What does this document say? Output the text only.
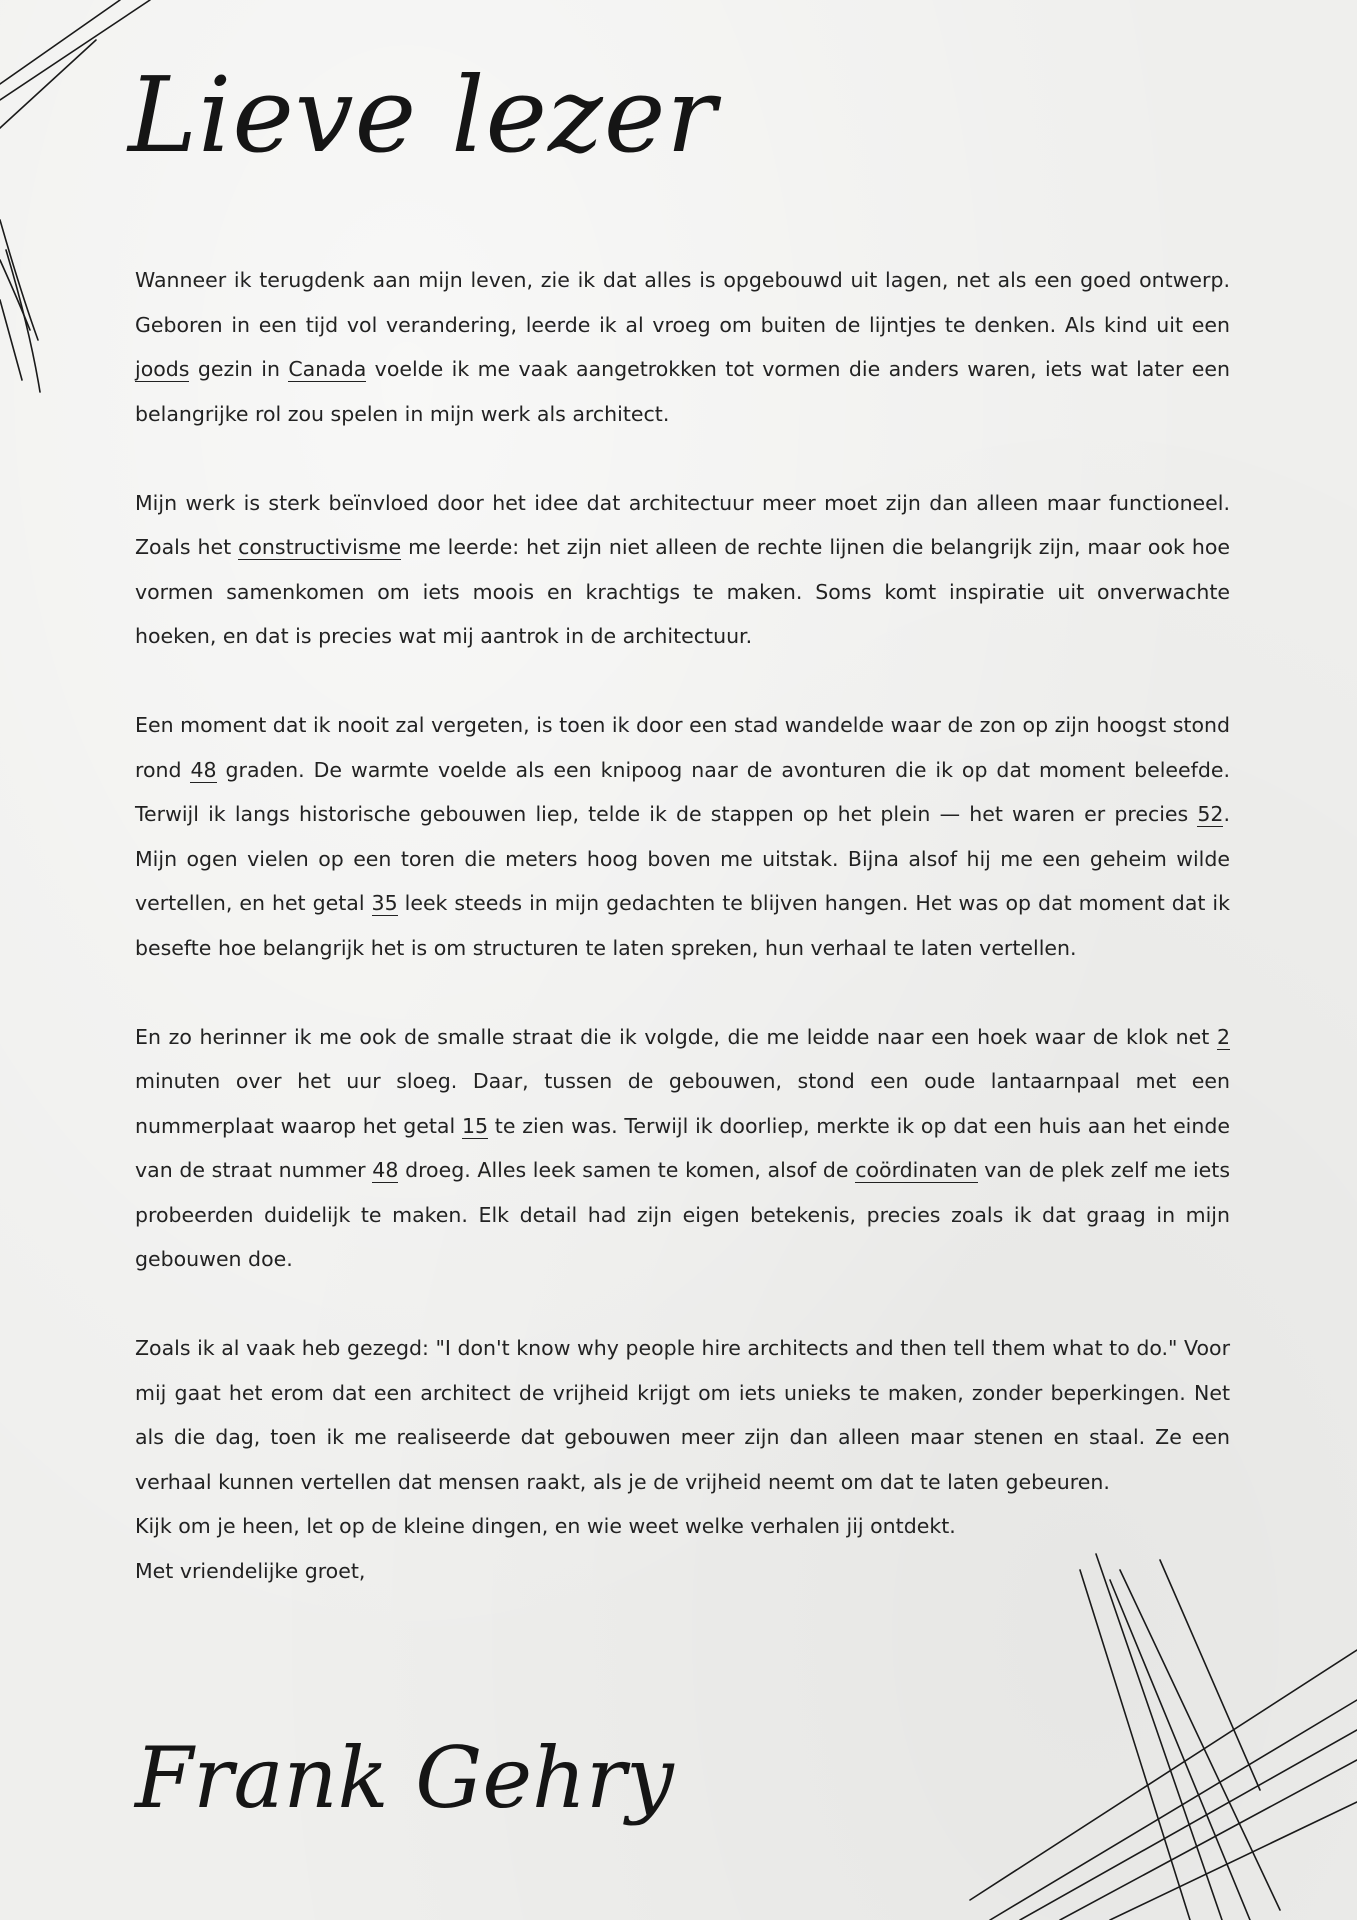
Lieve lezer

Wanneer ik terugdenk aan mijn leven, zie ik dat alles is opgebouwd uit lagen, net als een goed ontwerp. Geboren in een tijd vol verandering, leerde ik al vroeg om buiten de lijntjes te denken. Als kind uit een joods gezin in Canada voelde ik me vaak aangetrokken tot vormen die anders waren, iets wat later een belangrijke rol zou spelen in mijn werk als architect.

Mijn werk is sterk beïnvloed door het idee dat architectuur meer moet zijn dan alleen maar functioneel. Zoals het constructivisme me leerde: het zijn niet alleen de rechte lijnen die belangrijk zijn, maar ook hoe vormen samenkomen om iets moois en krachtigs te maken. Soms komt inspiratie uit onverwachte hoeken, en dat is precies wat mij aantrok in de architectuur.

Een moment dat ik nooit zal vergeten, is toen ik door een stad wandelde waar de zon op zijn hoogst stond rond 48 graden. De warmte voelde als een knipoog naar de avonturen die ik op dat moment beleefde. Terwijl ik langs historische gebouwen liep, telde ik de stappen op het plein — het waren er precies 52. Mijn ogen vielen op een toren die meters hoog boven me uitstak. Bijna alsof hij me een geheim wilde vertellen, en het getal 35 leek steeds in mijn gedachten te blijven hangen. Het was op dat moment dat ik besefte hoe belangrijk het is om structuren te laten spreken, hun verhaal te laten vertellen.

En zo herinner ik me ook de smalle straat die ik volgde, die me leidde naar een hoek waar de klok net 2 minuten over het uur sloeg. Daar, tussen de gebouwen, stond een oude lantaarnpaal met een nummerplaat waarop het getal 15 te zien was. Terwijl ik doorliep, merkte ik op dat een huis aan het einde van de straat nummer 48 droeg. Alles leek samen te komen, alsof de coördinaten van de plek zelf me iets probeerden duidelijk te maken. Elk detail had zijn eigen betekenis, precies zoals ik dat graag in mijn gebouwen doe.

Zoals ik al vaak heb gezegd: "I don't know why people hire architects and then tell them what to do." Voor mij gaat het erom dat een architect de vrijheid krijgt om iets unieks te maken, zonder beperkingen. Net als die dag, toen ik me realiseerde dat gebouwen meer zijn dan alleen maar stenen en staal. Ze een verhaal kunnen vertellen dat mensen raakt, als je de vrijheid neemt om dat te laten gebeuren.

Kijk om je heen, let op de kleine dingen, en wie weet welke verhalen jij ontdekt.

Met vriendelijke groet,

Frank Gehry
